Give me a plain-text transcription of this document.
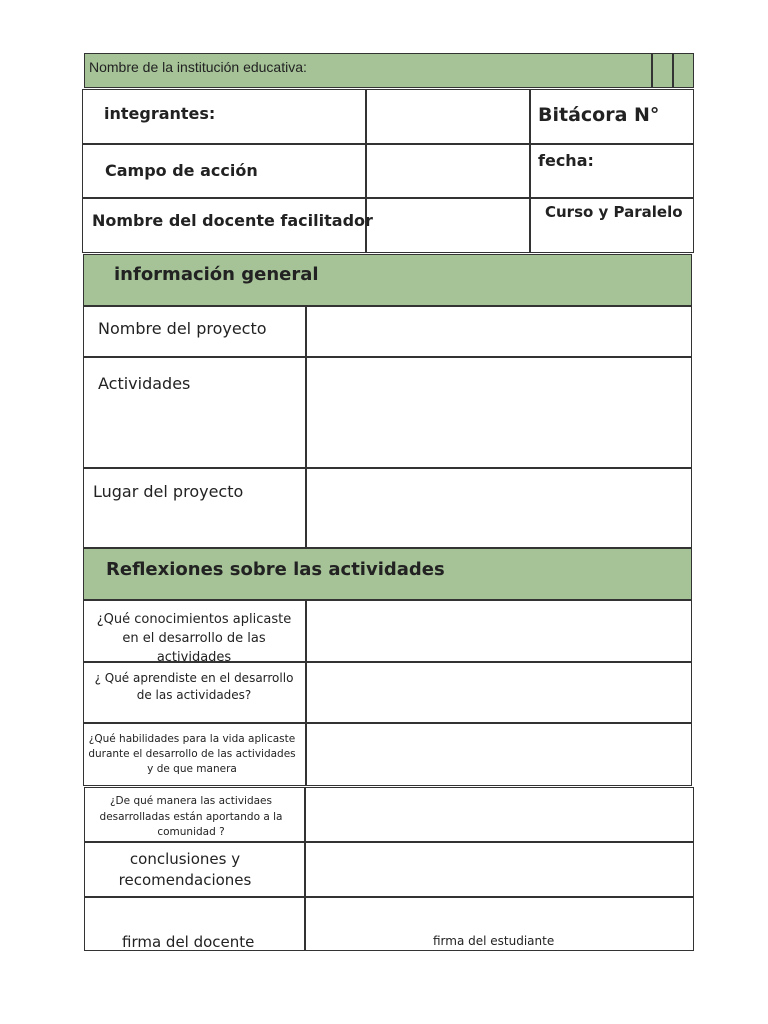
Nombre de la institución educativa:
integrantes:
Campo de acción
Nombre del docente facilitador
Bitácora N°
fecha:
Curso y Paralelo
información general
Nombre del proyecto
Actividades
Lugar del proyecto
Reflexiones sobre las actividades
¿Qué conocimientos aplicaste en el desarrollo de las actividades
¿ Qué aprendiste en el desarrollo de las actividades?
¿Qué habilidades para la vida aplicaste durante el desarrollo de las actividades y de que manera
¿De qué manera las actividaes desarrolladas están aportando a la comunidad ?
conclusiones y recomendaciones
firma del docente	firma del estudiante
